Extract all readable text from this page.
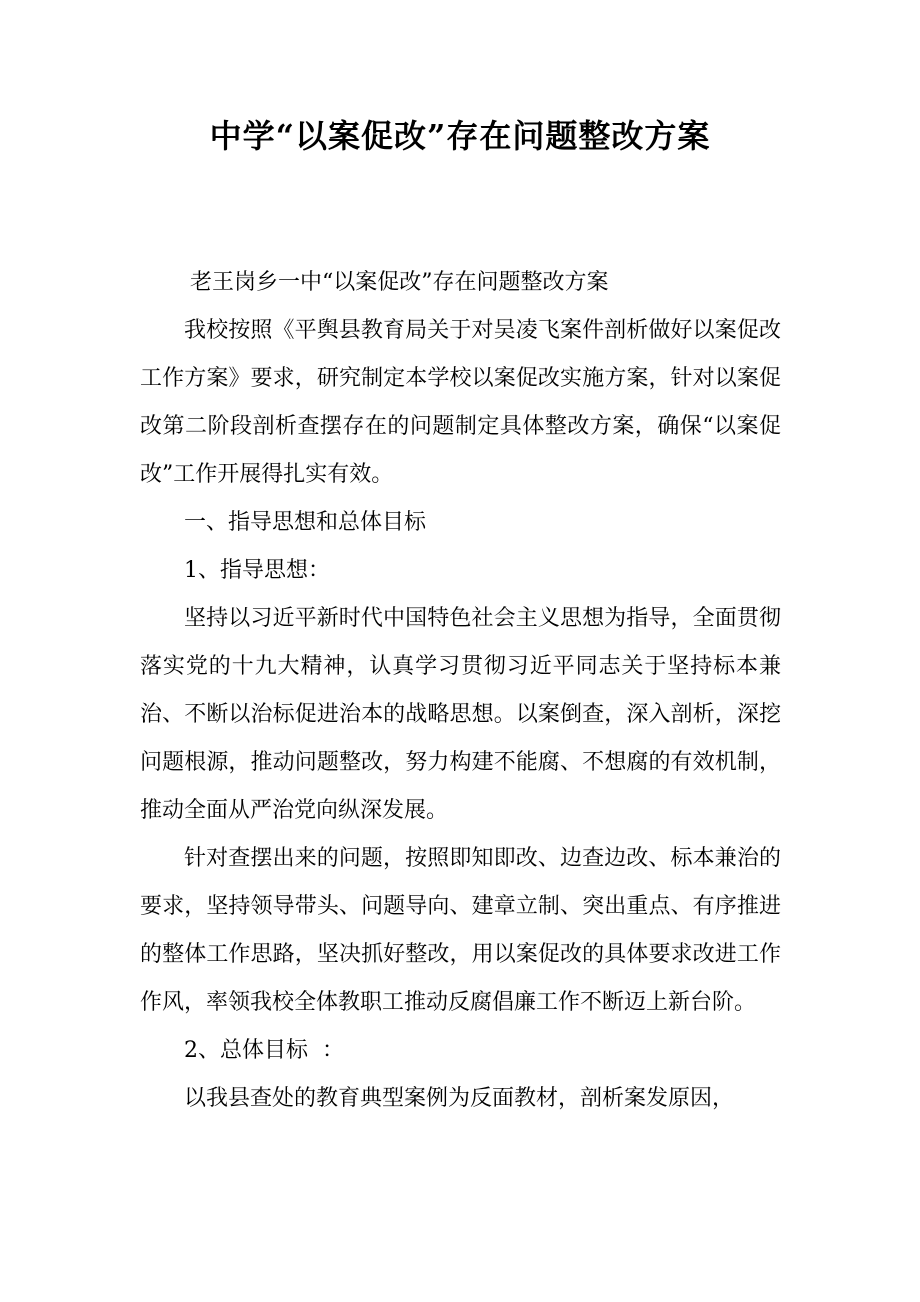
中学“以案促改”存在问题整改方案

老王岗乡一中“以案促改”存在问题整改方案

我校按照《平舆县教育局关于对吴凌飞案件剖析做好以案促改工作方案》要求，研究制定本学校以案促改实施方案，针对以案促改第二阶段剖析查摆存在的问题制定具体整改方案，确保“以案促改”工作开展得扎实有效。

一、指导思想和总体目标

1、指导思想：

坚持以习近平新时代中国特色社会主义思想为指导，全面贯彻落实党的十九大精神，认真学习贯彻习近平同志关于坚持标本兼治、不断以治标促进治本的战略思想。以案倒查，深入剖析，深挖问题根源，推动问题整改，努力构建不能腐、不想腐的有效机制，推动全面从严治党向纵深发展。

针对查摆出来的问题，按照即知即改、边查边改、标本兼治的要求，坚持领导带头、问题导向、建章立制、突出重点、有序推进的整体工作思路，坚决抓好整改，用以案促改的具体要求改进工作作风，率领我校全体教职工推动反腐倡廉工作不断迈上新台阶。

2、总体目标  ：

以我县查处的教育典型案例为反面教材，剖析案发原因，
